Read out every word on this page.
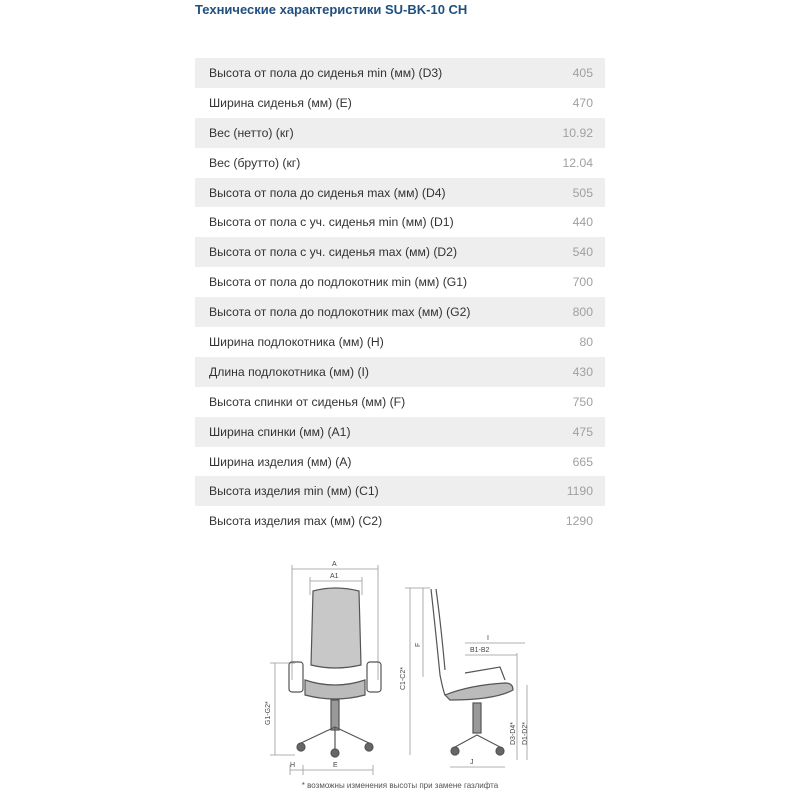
Технические характеристики SU-BK-10 CH
Высота от пола до сиденья min (мм) (D3)	405
Ширина сиденья (мм) (E)	470
Вес (нетто) (кг)	10.92
Вес (брутто) (кг)	12.04
Высота от пола до сиденья max (мм) (D4)	505
Высота от пола с уч. сиденья min (мм) (D1)	440
Высота от пола с уч. сиденья max (мм) (D2)	540
Высота от пола до подлокотник min (мм) (G1)	700
Высота от пола до подлокотник max (мм) (G2)	800
Ширина подлокотника (мм) (H)	80
Длина подлокотника (мм) (I)	430
Высота спинки от сиденья (мм) (F)	750
Ширина спинки (мм) (A1)	475
Ширина изделия (мм) (A)	665
Высота изделия min (мм) (C1)	1190
Высота изделия max (мм) (C2)	1290
A
A1
G1-G2*
H	E
C1-C2*
F
I
B1-B2
D3-D4* D1-D2*
J
* возможны изменения высоты при замене газлифта
